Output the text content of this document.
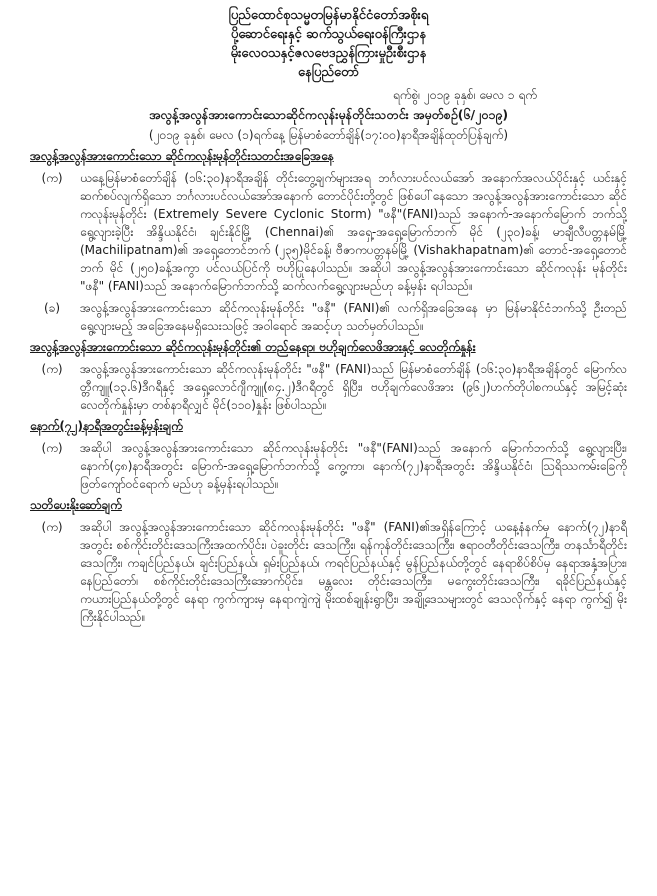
ပြည်ထောင်စုသမ္မတမြန်မာနိုင်ငံတော်အစိုးရ
ပို့ဆောင်ရေးနှင့် ဆက်သွယ်ရေးဝန်ကြီးဌာန
မိုးလေဝသနှင့်ဇလဗေဒညွှန်ကြားမှုဦးစီးဌာန
နေပြည်တော်
ရက်စွဲ၊ ၂၀၁၉ ခုနှစ်၊ မေလ ၁ ရက်
အလွန့်အလွန်အားကောင်းသောဆိုင်ကလုန်းမုန်တိုင်းသတင်း အမှတ်စဉ်(၆/၂၀၁၉)
(၂၀၁၉ ခုနှစ်၊ မေလ (၁)ရက်နေ့ မြန်မာစံတော်ချိန်(၁၇:၀၀)နာရီအချိန်ထုတ်ပြန်ချက်)
အလွန့်အလွန်အားကောင်းသော ဆိုင်ကလုန်းမုန်တိုင်းသတင်းအခြေအနေ
(က)	ယနေ့မြန်မာစံတော်ချိန် (၁၆:၃၀)နာရီအချိန် တိုင်းတွေ့ချက်များအရ ဘင်္ဂလားပင်လယ်အော် အနောက်အလယ်ပိုင်းနှင့် ယင်းနှင့်ဆက်စပ်လျက်ရှိသော ဘင်္ဂလားပင်လယ်အော်အနောက် တောင်ပိုင်းတို့တွင် ဖြစ်ပေါ်နေသော အလွန့်အလွန်အားကောင်းသော ဆိုင်ကလုန်းမုန်တိုင်း (Extremely Severe Cyclonic Storm) "ဖနီ"(FANI)သည် အနောက်-အနောက်မြောက် ဘက်သို့ ရွေ့လျားခဲ့ပြီး အိန္ဒိယနိုင်ငံ၊ ချင်းနိုင်မြို့ (Chennai)၏ အရှေ့-အရှေ့မြောက်ဘက် မိုင် (၂၃၀)ခန့်၊ မာချီလီပတ္တနမ်မြို့ (Machilipatnam)၏ အရှေ့တောင်ဘက် (၂၃၅)မိုင်ခန့်၊ ဗီဇာကပတ္တနမ်မြို့ (Vishakhapatnam)၏ တောင်-အရှေ့တောင်ဘက် မိုင် (၂၅၀)ခန့်အကွာ ပင်လယ်ပြင်ကို ဗဟိုပြုနေပါသည်။ အဆိုပါ အလွန့်အလွန်အားကောင်းသော ဆိုင်ကလုန်း မုန်တိုင်း "ဖနီ" (FANI)သည် အနောက်မြောက်ဘက်သို့ ဆက်လက်ရွေ့လျားမည်ဟု ခန့်မှန်း ရပါသည်။

(ခ)	အလွန့်အလွန်အားကောင်းသော ဆိုင်ကလုန်းမုန်တိုင်း "ဖနီ" (FANI)၏ လက်ရှိအခြေအနေ မှာ မြန်မာနိုင်ငံဘက်သို့ ဦးတည်ရွေ့လျားမည့် အခြေအနေမရှိသေးသဖြင့် အဝါရောင် အဆင့်ဟု သတ်မှတ်ပါသည်။

အလွန့်အလွန်အားကောင်းသော ဆိုင်ကလုန်းမုန်တိုင်း၏ တည်နေရာ၊ ဗဟိုချက်လေဖိအားနှင့် လေတိုက်နှုန်း
(က)	အလွန့်အလွန်အားကောင်းသော ဆိုင်ကလုန်းမုန်တိုင်း "ဖနီ" (FANI)သည် မြန်မာစံတော်ချိန် (၁၆:၃၀)နာရီအချိန်တွင် မြောက်လတ္တီကျူ(၁၃.၆)ဒီဂရီနှင့် အရှေ့လောင်ဂျီကျူ(၈၄.၂)ဒီဂရီတွင် ရှိပြီး၊ ဗဟိုချက်လေဖိအား (၉၆၂)ဟက်တိုပါစကယ်နှင့် အမြင့်ဆုံးလေတိုက်နှုန်းမှာ တစ်နာရီလျှင် မိုင်(၁၁၀)နှုန်း ဖြစ်ပါသည်။

နောက်(၇၂)နာရီအတွင်းခန့်မှန်းချက်
(က)	အဆိုပါ အလွန့်အလွန်အားကောင်းသော ဆိုင်ကလုန်းမုန်တိုင်း "ဖနီ"(FANI)သည် အနောက် မြောက်ဘက်သို့ ရွေ့လျားပြီး၊ နောက်(၄၈)နာရီအတွင်း မြောက်-အရှေ့မြောက်ဘက်သို့ ကွေ့ကာ၊ နောက်(၇၂)နာရီအတွင်း အိန္ဒိယနိုင်ငံ၊ ဩရိဿကမ်းခြေကို ဖြတ်ကျော်ဝင်ရောက် မည်ဟု ခန့်မှန်းရပါသည်။

သတိပေးနိုးဆော်ချက်
(က)	အဆိုပါ အလွန့်အလွန်အားကောင်းသော ဆိုင်ကလုန်းမုန်တိုင်း "ဖနီ" (FANI)၏အရှိန်ကြောင့် ယနေ့နံနက်မှ နောက်(၇၂)နာရီအတွင်း စစ်ကိုင်းတိုင်းဒေသကြီးအထက်ပိုင်း၊ ပဲခူးတိုင်း ဒေသကြီး၊ ရန်ကုန်တိုင်းဒေသကြီး၊ ဧရာဝတီတိုင်းဒေသကြီး၊ တနင်္သာရီတိုင်းဒေသကြီး၊ ကချင်ပြည်နယ်၊ ချင်းပြည်နယ်၊ ရှမ်းပြည်နယ်၊ ကရင်ပြည်နယ်နှင့် မွန်ပြည်နယ်တို့တွင် နေရာစိပ်စိပ်မှ နေရာအနှံ့အပြား၊ နေပြည်တော်၊ စစ်ကိုင်းတိုင်းဒေသကြီးအောက်ပိုင်း၊ မန္တလေး တိုင်းဒေသကြီး၊ မကွေးတိုင်းဒေသကြီး၊ ရခိုင်ပြည်နယ်နှင့် ကယားပြည်နယ်တို့တွင် နေရာ ကွက်ကျားမှ နေရာကျဲကျဲ မိုးထစ်ချုန်းရွာပြီး၊ အချို့ဒေသများတွင် ဒေသလိုက်နှင့် နေရာ ကွက်၍ မိုးကြီးနိုင်ပါသည်။
